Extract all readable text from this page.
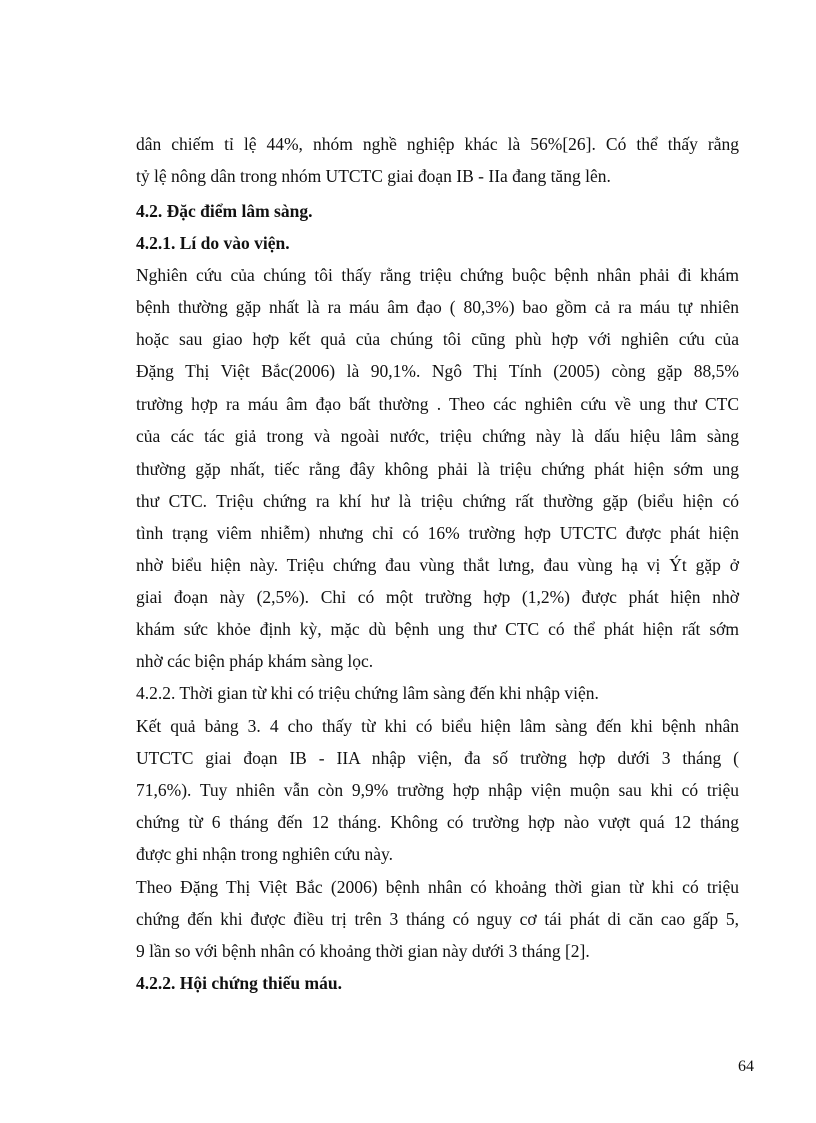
dân chiếm tỉ lệ 44%, nhóm nghề nghiệp khác là 56%[26]. Có thể thấy rằng
tỷ lệ nông dân trong nhóm UTCTC giai đoạn IB - IIa đang tăng lên.
4.2. Đặc điểm lâm sàng.
4.2.1. Lí do vào viện.
Nghiên cứu của chúng tôi thấy rằng triệu chứng buộc bệnh nhân phải đi khám
bệnh thường gặp nhất là ra máu âm đạo ( 80,3%) bao gồm cả ra máu tự nhiên
hoặc sau giao hợp kết quả của chúng tôi cũng phù hợp với nghiên cứu của
Đặng Thị Việt Bắc(2006) là 90,1%. Ngô Thị Tính (2005) còng gặp 88,5%
trường hợp ra máu âm đạo bất thường . Theo các nghiên cứu về ung thư CTC
của các tác giả trong và ngoài nước, triệu chứng này là dấu hiệu lâm sàng
thường gặp nhất, tiếc rằng đây không phải là triệu chứng phát hiện sớm ung
thư CTC. Triệu chứng ra khí hư là triệu chứng rất thường gặp (biểu hiện có
tình trạng viêm nhiễm) nhưng chỉ có 16% trường hợp UTCTC được phát hiện
nhờ biểu hiện này. Triệu chứng đau vùng thắt lưng, đau vùng hạ vị Ýt gặp ở
giai đoạn này (2,5%). Chỉ có một trường hợp (1,2%) được phát hiện nhờ
khám sức khỏe định kỳ, mặc dù bệnh ung thư CTC có thể phát hiện rất sớm
nhờ các biện pháp khám sàng lọc.
4.2.2. Thời gian từ khi có triệu chứng lâm sàng đến khi nhập viện.
Kết quả bảng 3. 4 cho thấy từ khi có biểu hiện lâm sàng đến khi bệnh nhân
UTCTC giai đoạn IB - IIA nhập viện, đa số trường hợp dưới 3 tháng (
71,6%). Tuy nhiên vẫn còn 9,9% trường hợp nhập viện muộn sau khi có triệu
chứng từ 6 tháng đến 12 tháng. Không có trường hợp nào vượt quá 12 tháng
được ghi nhận trong nghiên cứu này.
Theo Đặng Thị Việt Bắc (2006) bệnh nhân có khoảng thời gian từ khi có triệu
chứng đến khi được điều trị trên 3 tháng có nguy cơ tái phát di căn cao gấp 5,
9 lần so với bệnh nhân có khoảng thời gian này dưới 3 tháng [2].
4.2.2. Hội chứng thiếu máu.
64
